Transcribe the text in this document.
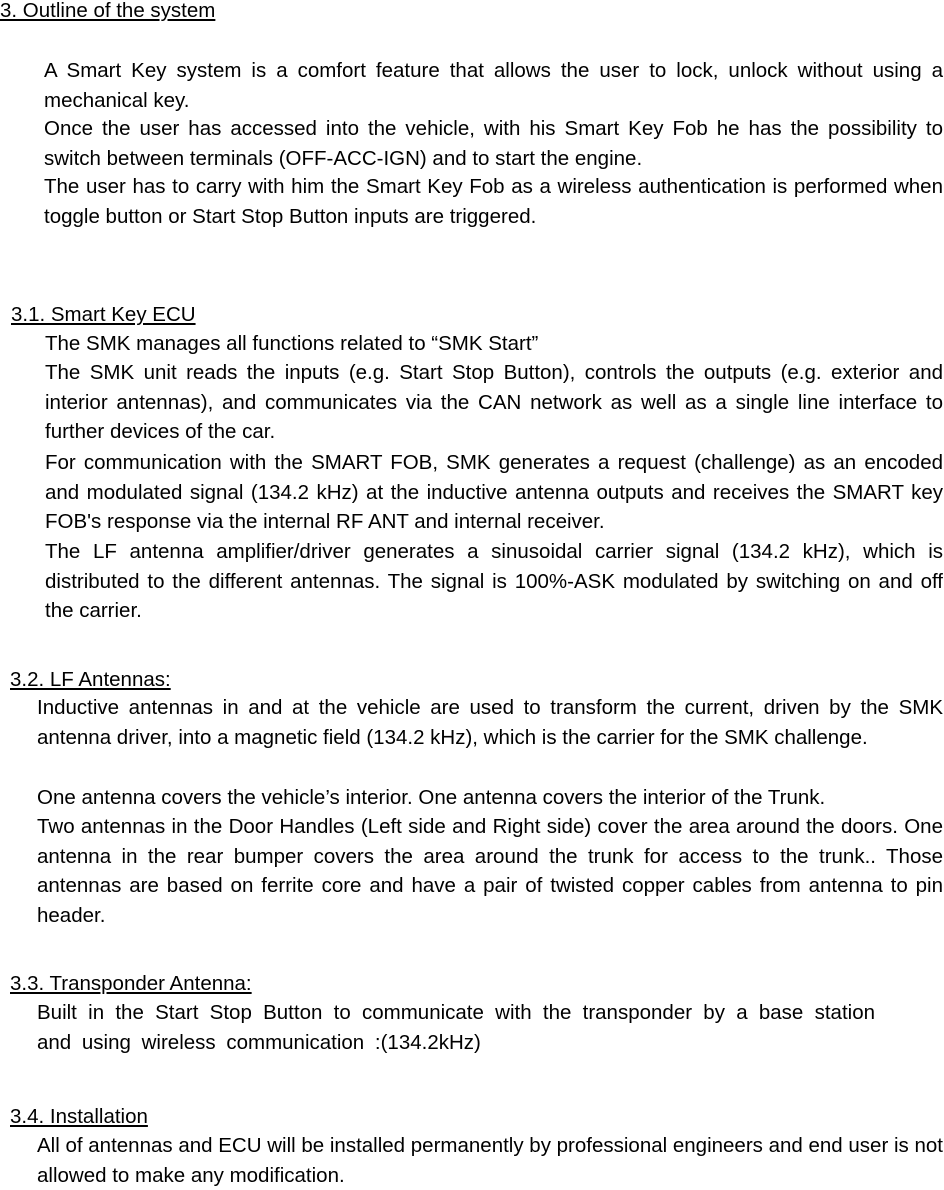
3. Outline of the system

A Smart Key system is a comfort feature that allows the user to lock, unlock without using a mechanical key.

Once the user has accessed into the vehicle, with his Smart Key Fob he has the possibility to switch between terminals (OFF-ACC-IGN) and to start the engine.

The user has to carry with him the Smart Key Fob as a wireless authentication is performed when toggle button or Start Stop Button inputs are triggered.

3.1. Smart Key ECU

The SMK manages all functions related to “SMK Start”

The SMK unit reads the inputs (e.g. Start Stop Button), controls the outputs (e.g. exterior and interior antennas), and communicates via the CAN network as well as a single line interface to further devices of the car.

For communication with the SMART FOB, SMK generates a request (challenge) as an encoded and modulated signal (134.2 kHz) at the inductive antenna outputs and receives the SMART key FOB's response via the internal RF ANT and internal receiver.

The LF antenna amplifier/driver generates a sinusoidal carrier signal (134.2 kHz), which is distributed to the different antennas. The signal is 100%-ASK modulated by switching on and off the carrier.

3.2. LF Antennas:

Inductive antennas in and at the vehicle are used to transform the current, driven by the SMK antenna driver, into a magnetic field (134.2 kHz), which is the carrier for the SMK challenge.

One antenna covers the vehicle’s interior. One antenna covers the interior of the Trunk.

Two antennas in the Door Handles (Left side and Right side) cover the area around the doors. One antenna in the rear bumper covers the area around the trunk for access to the trunk.. Those antennas are based on ferrite core and have a pair of twisted copper cables from antenna to pin header.

3.3. Transponder Antenna:

Built in the Start Stop Button to communicate with the transponder by a base station and using wireless communication :(134.2kHz)

3.4. Installation

All of antennas and ECU will be installed permanently by professional engineers and end user is not allowed to make any modification.
